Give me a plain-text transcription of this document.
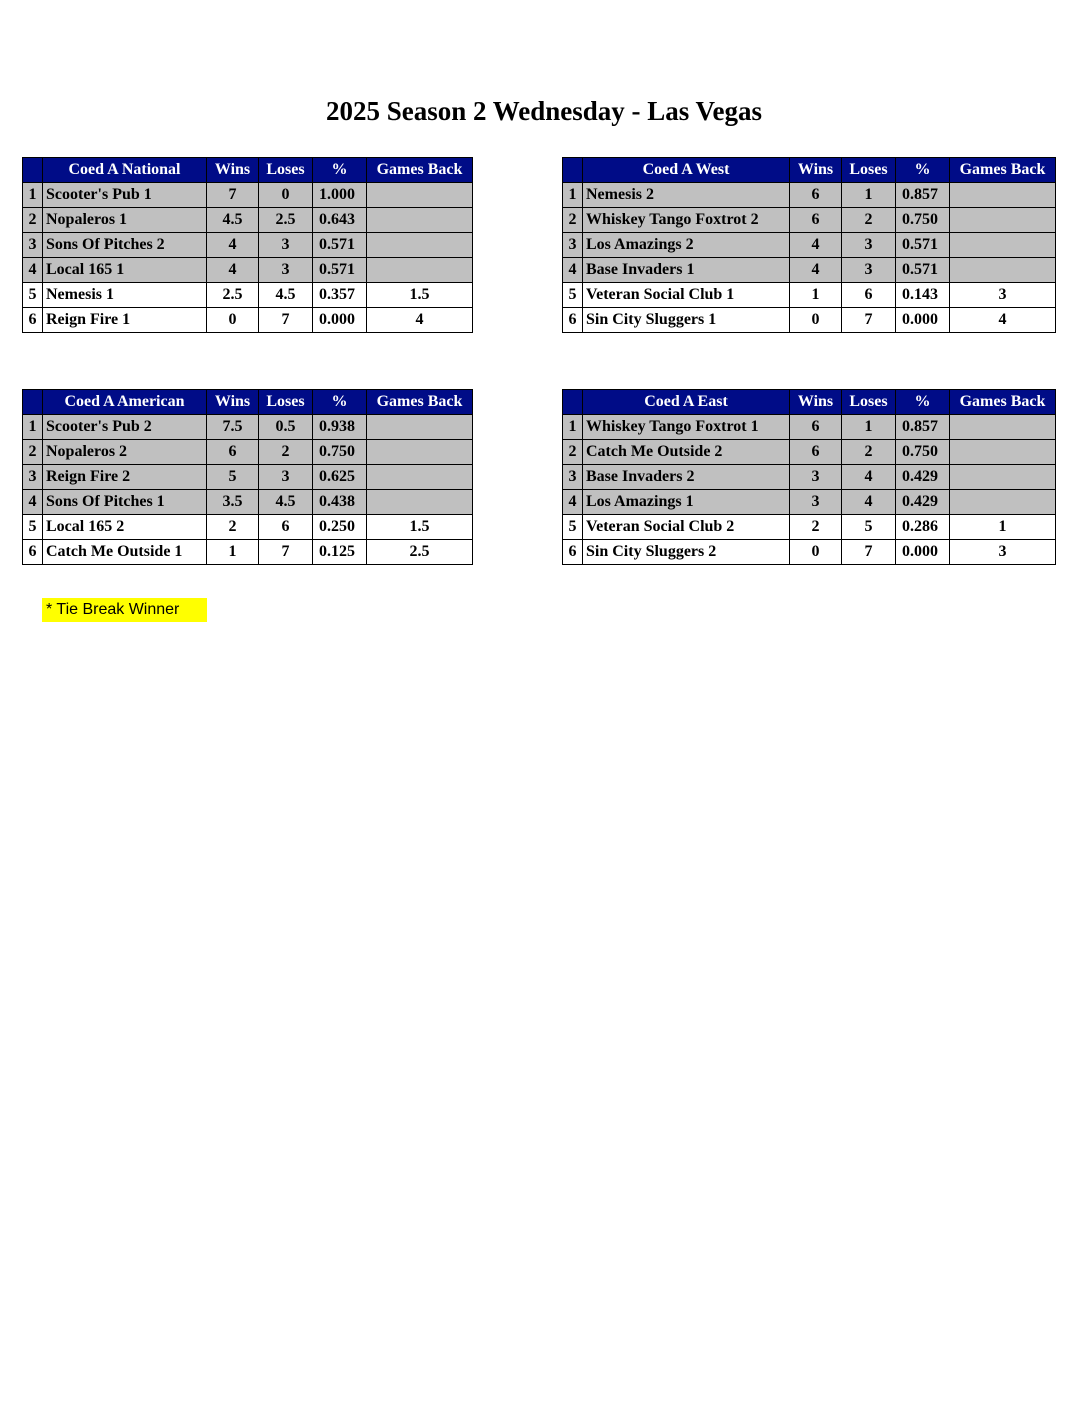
2025 Season 2 Wednesday - Las Vegas
	Coed A National	Wins	Loses	%	Games Back
1	Scooter's Pub 1	7	0	1.000	
2	Nopaleros 1	4.5	2.5	0.643	
3	Sons Of Pitches 2	4	3	0.571	
4	Local 165 1	4	3	0.571	
5	Nemesis 1	2.5	4.5	0.357	1.5
6	Reign Fire 1	0	7	0.000	4
	Coed A West	Wins	Loses	%	Games Back
1	Nemesis 2	6	1	0.857	
2	Whiskey Tango Foxtrot 2	6	2	0.750	
3	Los Amazings 2	4	3	0.571	
4	Base Invaders 1	4	3	0.571	
5	Veteran Social Club 1	1	6	0.143	3
6	Sin City Sluggers 1	0	7	0.000	4
	Coed A American	Wins	Loses	%	Games Back
1	Scooter's Pub 2	7.5	0.5	0.938	
2	Nopaleros 2	6	2	0.750	
3	Reign Fire 2	5	3	0.625	
4	Sons Of Pitches 1	3.5	4.5	0.438	
5	Local 165 2	2	6	0.250	1.5
6	Catch Me Outside 1	1	7	0.125	2.5
	Coed A East	Wins	Loses	%	Games Back
1	Whiskey Tango Foxtrot 1	6	1	0.857	
2	Catch Me Outside 2	6	2	0.750	
3	Base Invaders 2	3	4	0.429	
4	Los Amazings 1	3	4	0.429	
5	Veteran Social Club 2	2	5	0.286	1
6	Sin City Sluggers 2	0	7	0.000	3
* Tie Break Winner
